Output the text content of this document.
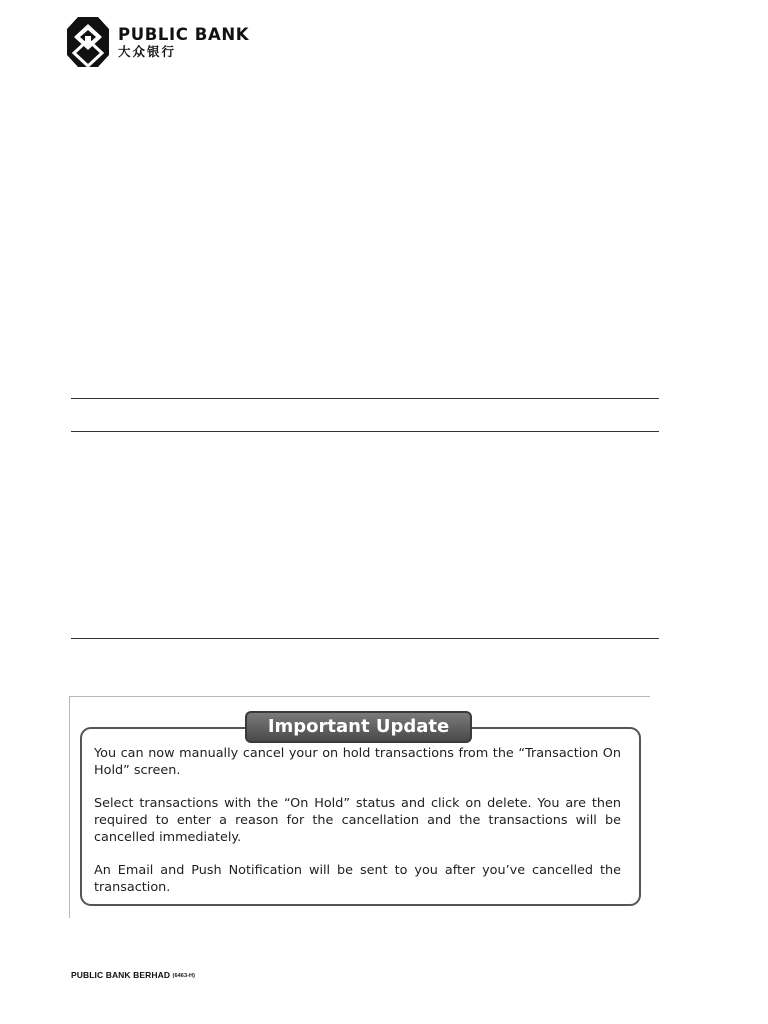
PUBLIC BANK
大众银行
Important Update

You can now manually cancel your on hold transactions from the “Transaction On Hold” screen.

Select transactions with the “On Hold” status and click on delete. You are then required to enter a reason for the cancellation and the transactions will be cancelled immediately.

An Email and Push Notification will be sent to you after you’ve cancelled the transaction.

PUBLIC BANK BERHAD (6463-H)
